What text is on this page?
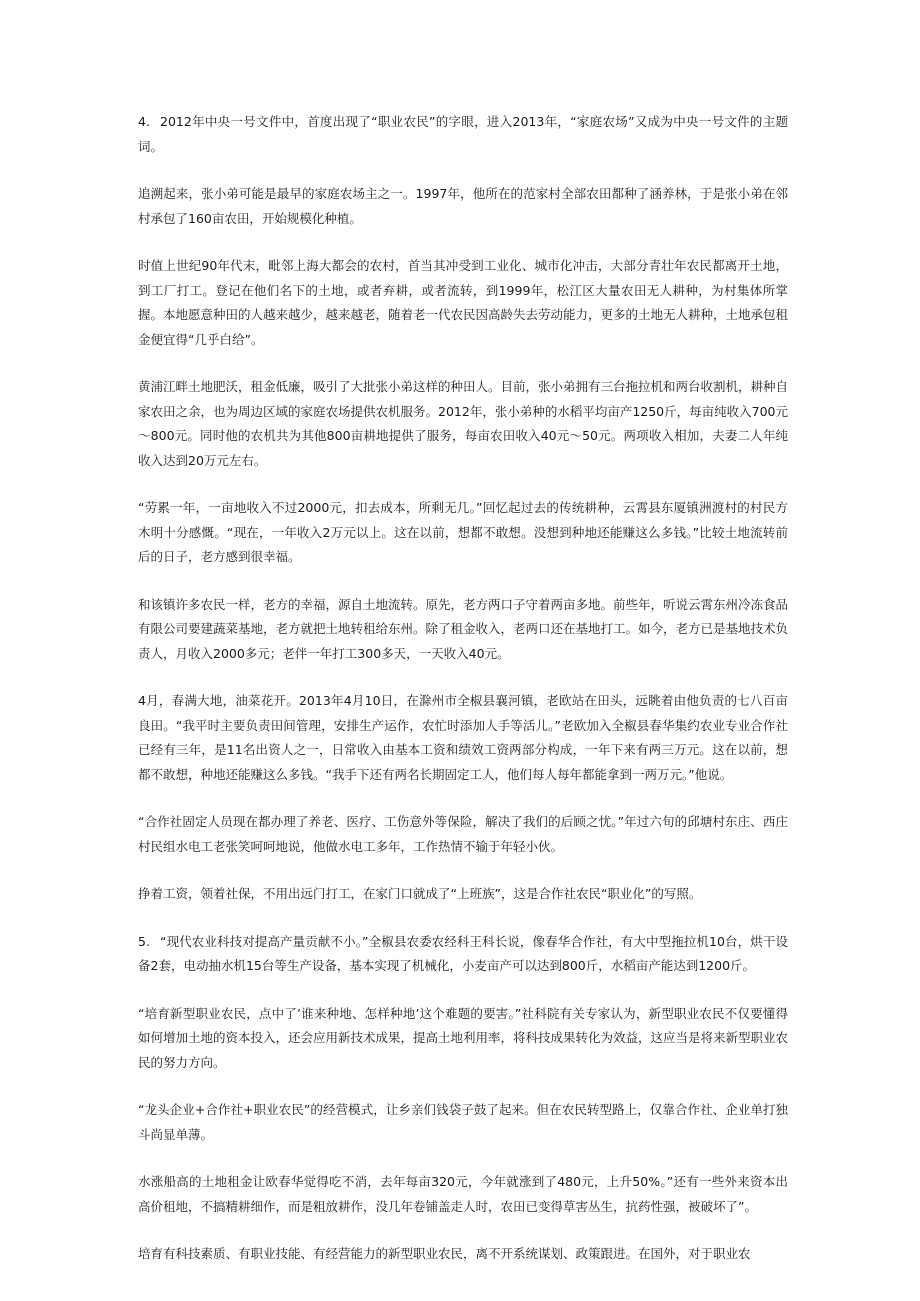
4. 2012年中央一号文件中，首度出现了“职业农民”的字眼，进入2013年，“家庭农场”又成为中央一号文件的主题词。

追溯起来，张小弟可能是最早的家庭农场主之一。1997年，他所在的范家村全部农田都种了涵养林，于是张小弟在邻村承包了160亩农田，开始规模化种植。

时值上世纪90年代末，毗邻上海大都会的农村，首当其冲受到工业化、城市化冲击，大部分青壮年农民都离开土地，到工厂打工。登记在他们名下的土地，或者弃耕，或者流转，到1999年，松江区大量农田无人耕种，为村集体所掌握。本地愿意种田的人越来越少，越来越老，随着老一代农民因高龄失去劳动能力，更多的土地无人耕种，土地承包租金便宜得“几乎白给”。

黄浦江畔土地肥沃，租金低廉，吸引了大批张小弟这样的种田人。目前，张小弟拥有三台拖拉机和两台收割机，耕种自家农田之余，也为周边区域的家庭农场提供农机服务。2012年，张小弟种的水稻平均亩产1250斤，每亩纯收入700元～800元。同时他的农机共为其他800亩耕地提供了服务，每亩农田收入40元～50元。两项收入相加，夫妻二人年纯收入达到20万元左右。

“劳累一年，一亩地收入不过2000元，扣去成本，所剩无几。”回忆起过去的传统耕种，云霄县东厦镇洲渡村的村民方木明十分感慨。“现在，一年收入2万元以上。这在以前，想都不敢想。没想到种地还能赚这么多钱。”比较土地流转前后的日子，老方感到很幸福。

和该镇许多农民一样，老方的幸福，源自土地流转。原先，老方两口子守着两亩多地。前些年，听说云霄东州冷冻食品有限公司要建蔬菜基地，老方就把土地转租给东州。除了租金收入，老两口还在基地打工。如今，老方已是基地技术负责人，月收入2000多元；老伴一年打工300多天，一天收入40元。

4月，春满大地，油菜花开。2013年4月10日，在滁州市全椒县襄河镇，老欧站在田头，远眺着由他负责的七八百亩良田。“我平时主要负责田间管理，安排生产运作，农忙时添加人手等活儿。”老欧加入全椒县春华集约农业专业合作社已经有三年，是11名出资人之一，日常收入由基本工资和绩效工资两部分构成，一年下来有两三万元。这在以前，想都不敢想，种地还能赚这么多钱。“我手下还有两名长期固定工人，他们每人每年都能拿到一两万元。”他说。

“合作社固定人员现在都办理了养老、医疗、工伤意外等保险，解决了我们的后顾之忧。”年过六旬的邱塘村东庄、西庄村民组水电工老张笑呵呵地说，他做水电工多年，工作热情不输于年轻小伙。

挣着工资，领着社保，不用出远门打工，在家门口就成了“上班族”，这是合作社农民“职业化”的写照。

5. “现代农业科技对提高产量贡献不小。”全椒县农委农经科王科长说，像春华合作社，有大中型拖拉机10台，烘干设备2套，电动抽水机15台等生产设备，基本实现了机械化，小麦亩产可以达到800斤，水稻亩产能达到1200斤。

“培育新型职业农民，点中了’谁来种地、怎样种地’这个难题的要害。”社科院有关专家认为，新型职业农民不仅要懂得如何增加土地的资本投入，还会应用新技术成果，提高土地利用率，将科技成果转化为效益，这应当是将来新型职业农民的努力方向。

“龙头企业+合作社+职业农民”的经营模式，让乡亲们钱袋子鼓了起来。但在农民转型路上，仅靠合作社、企业单打独斗尚显单薄。

水涨船高的土地租金让欧春华觉得吃不消，去年每亩320元，今年就涨到了480元，上升50%。”还有一些外来资本出高价租地，不搞精耕细作，而是粗放耕作，没几年卷铺盖走人时，农田已变得草害丛生，抗药性强，被破坏了”。

培育有科技素质、有职业技能、有经营能力的新型职业农民，离不开系统谋划、政策跟进。在国外，对于职业农
